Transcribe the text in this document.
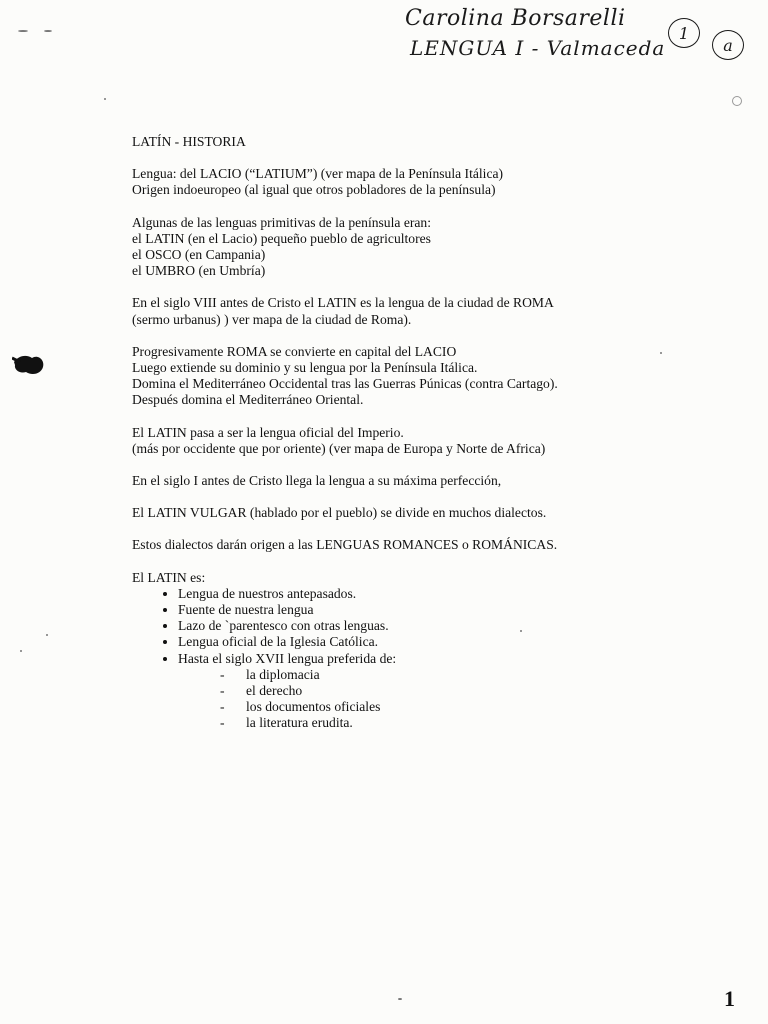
Carolina Borsarelli
LENGUA I - Valmaceda
1
a
LATÍN - HISTORIA
Lengua: del LACIO (“LATIUM”) (ver mapa de la Península Itálica)
Origen indoeuropeo (al igual que otros pobladores de la península)
Algunas de las lenguas primitivas de la península eran:
el LATIN (en el Lacio) pequeño pueblo de agricultores
el OSCO (en Campania)
el UMBRO (en Umbría)
En el siglo VIII antes de Cristo el LATIN es la lengua de la ciudad de ROMA
(sermo urbanus) ) ver mapa de la ciudad de Roma).
Progresivamente ROMA se convierte en capital del LACIO
Luego extiende su dominio y su lengua por la Península Itálica.
Domina el Mediterráneo Occidental tras las Guerras Púnicas (contra Cartago).
Después domina el Mediterráneo Oriental.
El LATIN pasa a ser la lengua oficial del Imperio.
(más por occidente que por oriente) (ver mapa de Europa y Norte de Africa)
En el siglo I antes de Cristo llega la lengua a su máxima perfección,
El LATIN VULGAR (hablado por el pueblo) se divide en muchos dialectos.
Estos dialectos darán origen a las LENGUAS ROMANCES o ROMÁNICAS.
El LATIN es:
• Lengua de nuestros antepasados.
• Fuente de nuestra lengua
• Lazo de `parentesco con otras lenguas.
• Lengua oficial de la Iglesia Católica.
• Hasta el siglo XVII lengua preferida de:
- la diplomacia
- el derecho
- los documentos oficiales
- la literatura erudita.
1
